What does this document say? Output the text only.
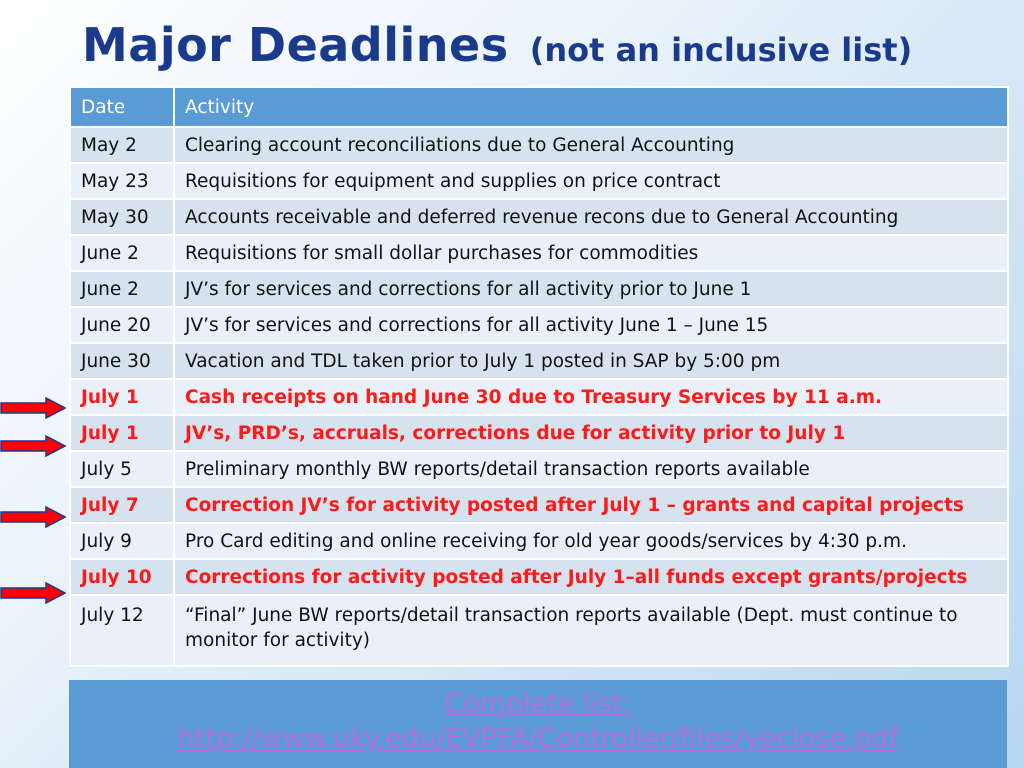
Major Deadlines (not an inclusive list)
Date	Activity
May 2	Clearing account reconciliations due to General Accounting
May 23	Requisitions for equipment and supplies on price contract
May 30	Accounts receivable and deferred revenue recons due to General Accounting
June 2	Requisitions for small dollar purchases for commodities
June 2	JV’s for services and corrections for all activity prior to June 1
June 20	JV’s for services and corrections for all activity June 1 – June 15
June 30	Vacation and TDL taken prior to July 1 posted in SAP by 5:00 pm
July 1	Cash receipts on hand June 30 due to Treasury Services by 11 a.m.
July 1	JV’s, PRD’s, accruals, corrections due for activity prior to July 1
July 5	Preliminary monthly BW reports/detail transaction reports available
July 7	Correction JV’s for activity posted after July 1 – grants and capital projects
July 9	Pro Card editing and online receiving for old year goods/services by 4:30 p.m.
July 10	Corrections for activity posted after July 1–all funds except grants/projects
July 12	“Final” June BW reports/detail transaction reports available (Dept. must continue to monitor for activity)
Complete list:
http://www.uky.edu/EVPFA/Controller/files/yeclose.pdf
